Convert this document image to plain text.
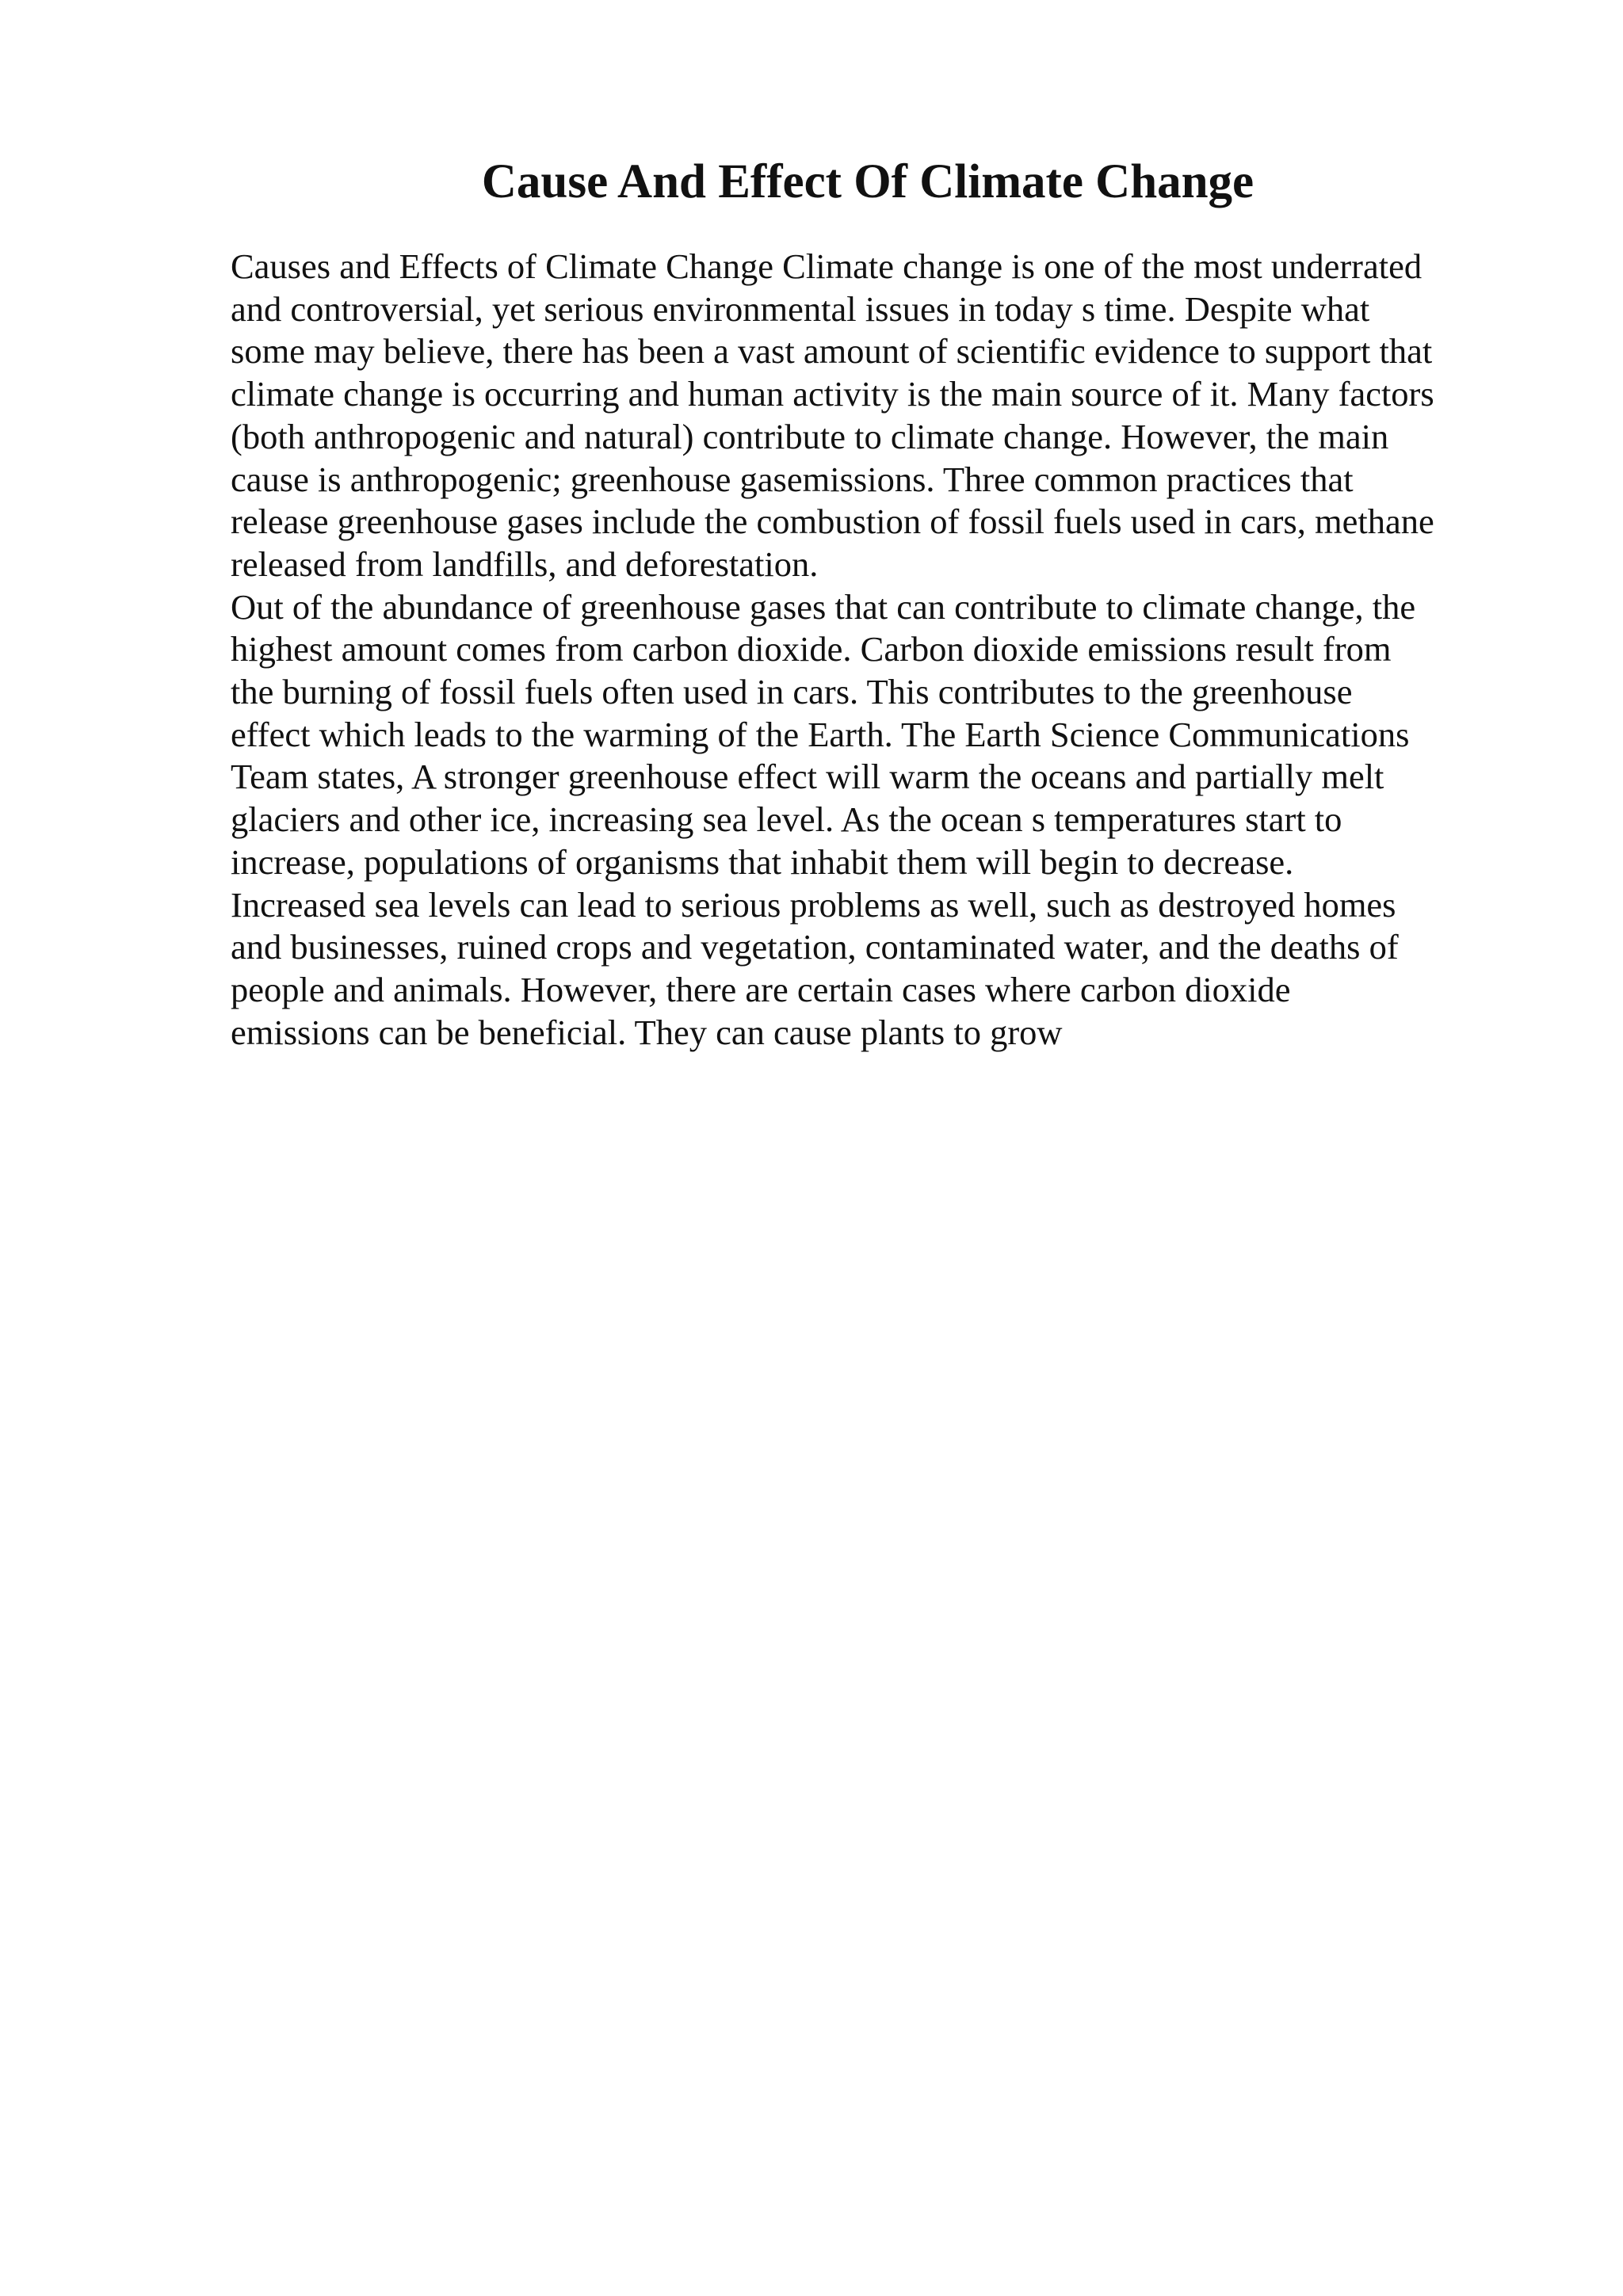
Cause And Effect Of Climate Change

Causes and Effects of Climate Change Climate change is one of the most underrated
and controversial, yet serious environmental issues in today s time. Despite what
some may believe, there has been a vast amount of scientific evidence to support that
climate change is occurring and human activity is the main source of it. Many factors
(both anthropogenic and natural) contribute to climate change. However, the main
cause is anthropogenic; greenhouse gasemissions. Three common practices that
release greenhouse gases include the combustion of fossil fuels used in cars, methane
released from landfills, and deforestation.

Out of the abundance of greenhouse gases that can contribute to climate change, the
highest amount comes from carbon dioxide. Carbon dioxide emissions result from
the burning of fossil fuels often used in cars. This contributes to the greenhouse
effect which leads to the warming of the Earth. The Earth Science Communications
Team states, A stronger greenhouse effect will warm the oceans and partially melt
glaciers and other ice, increasing sea level. As the ocean s temperatures start to
increase, populations of organisms that inhabit them will begin to decrease.
Increased sea levels can lead to serious problems as well, such as destroyed homes
and businesses, ruined crops and vegetation, contaminated water, and the deaths of
people and animals. However, there are certain cases where carbon dioxide
emissions can be beneficial. They can cause plants to grow
